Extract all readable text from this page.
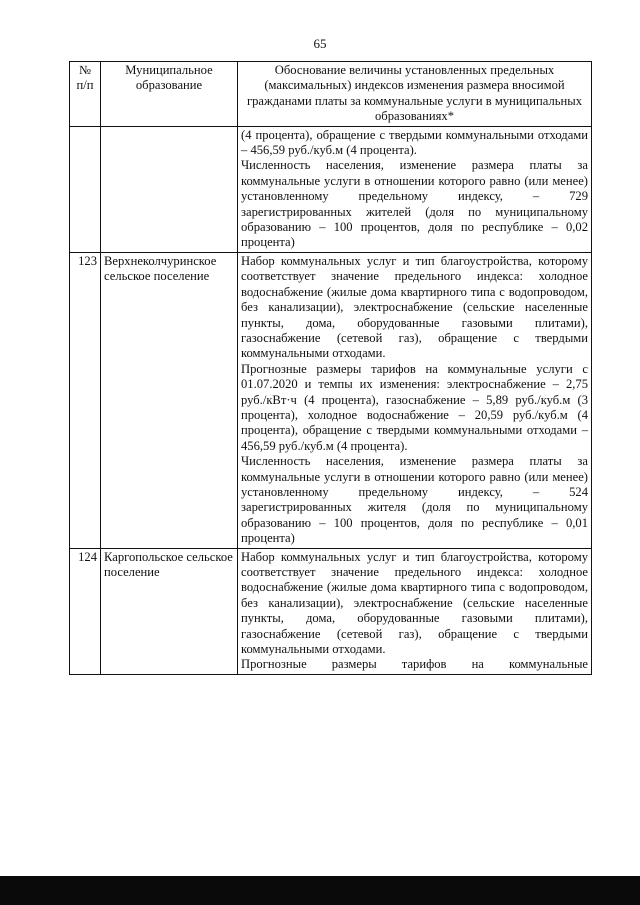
65
№ п/п	Муниципальное образование	Обоснование величины установленных предельных (максимальных) индексов изменения размера вносимой гражданами платы за коммунальные услуги в муниципальных образованиях*

		(4 процента), обращение с твердыми коммунальными отходами – 456,59 руб./куб.м (4 процента).

Численность населения, изменение размера платы за коммунальные услуги в отношении которого равно (или менее) установленному предельному индексу, – 729 зарегистрированных жителей (доля по муниципальному образованию – 100 процентов, доля по республике – 0,02 процента)

123	Верхнеколчуринское сельское поселение	Набор коммунальных услуг и тип благоустройства, которому соответствует значение предельного индекса: холодное водоснабжение (жилые дома квартирного типа с водопроводом, без канализации), электроснабжение (сельские населенные пункты, дома, оборудованные газовыми плитами), газоснабжение (сетевой газ), обращение с твердыми коммунальными отходами.

Прогнозные размеры тарифов на коммунальные услуги с 01.07.2020 и темпы их изменения: электроснабжение – 2,75 руб./кВт·ч (4 процента), газоснабжение – 5,89 руб./куб.м (3 процента), холодное водоснабжение – 20,59 руб./куб.м (4 процента), обращение с твердыми коммунальными отходами – 456,59 руб./куб.м (4 процента).

Численность населения, изменение размера платы за коммунальные услуги в отношении которого равно (или менее) установленному предельному индексу, – 524 зарегистрированных жителя (доля по муниципальному образованию – 100 процентов, доля по республике – 0,01 процента)

124	Каргопольское сельское поселение	Набор коммунальных услуг и тип благоустройства, которому соответствует значение предельного индекса: холодное водоснабжение (жилые дома квартирного типа с водопроводом, без канализации), электроснабжение (сельские населенные пункты, дома, оборудованные газовыми плитами), газоснабжение (сетевой газ), обращение с твердыми коммунальными отходами.

Прогнозные размеры тарифов на коммунальные
